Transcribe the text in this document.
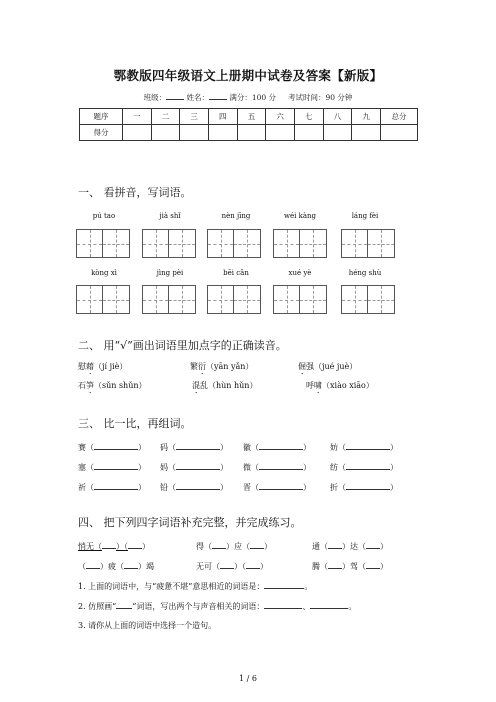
鄂教版四年级语文上册期中试卷及答案【新版】
班级：	姓名：	满分：100 分 考试时间：90 分钟
题序	一	二	三	四	五	六	七	八	九	总分
得分										
一、 看拼音，写词语。
pú tao	jià shǐ	nèn jīng	wéi kàng	láng fèi
kòng xì	jìng pèi	bēi cǎn	xué yè	héng shù
二、 用“√”画出词语里加点字的正确读音。
慰藉（jí jiè）	繁衍（yān yǎn）	倔强（jué juè）
石笋（sǔn shǔn）	混乱（hùn hǔn）	呼啸（xiào xiāo）
三、 比一比，再组词。
赛（	） 码（	） 徽（	） 妨（	）
塞（	） 妈（	） 微（	） 纺（	）
祈（	） 铅（	） 晋（	） 折（	）
四、 把下列四字词语补充完整，并完成练习。
悄无（ ）（ ）	得（ ）应（ ）	通（ ）达（ ）
（ ）疲（ ）竭	无可（ ）（ ）	腾（ ）驾（ ）
1. 上面的词语中，与“疲惫不堪”意思相近的词语是：	。
2. 仿照画“ ”词语，写出两个与声音相关的词语：	、	。
3. 请你从上面的词语中选择一个造句。
1 / 6
